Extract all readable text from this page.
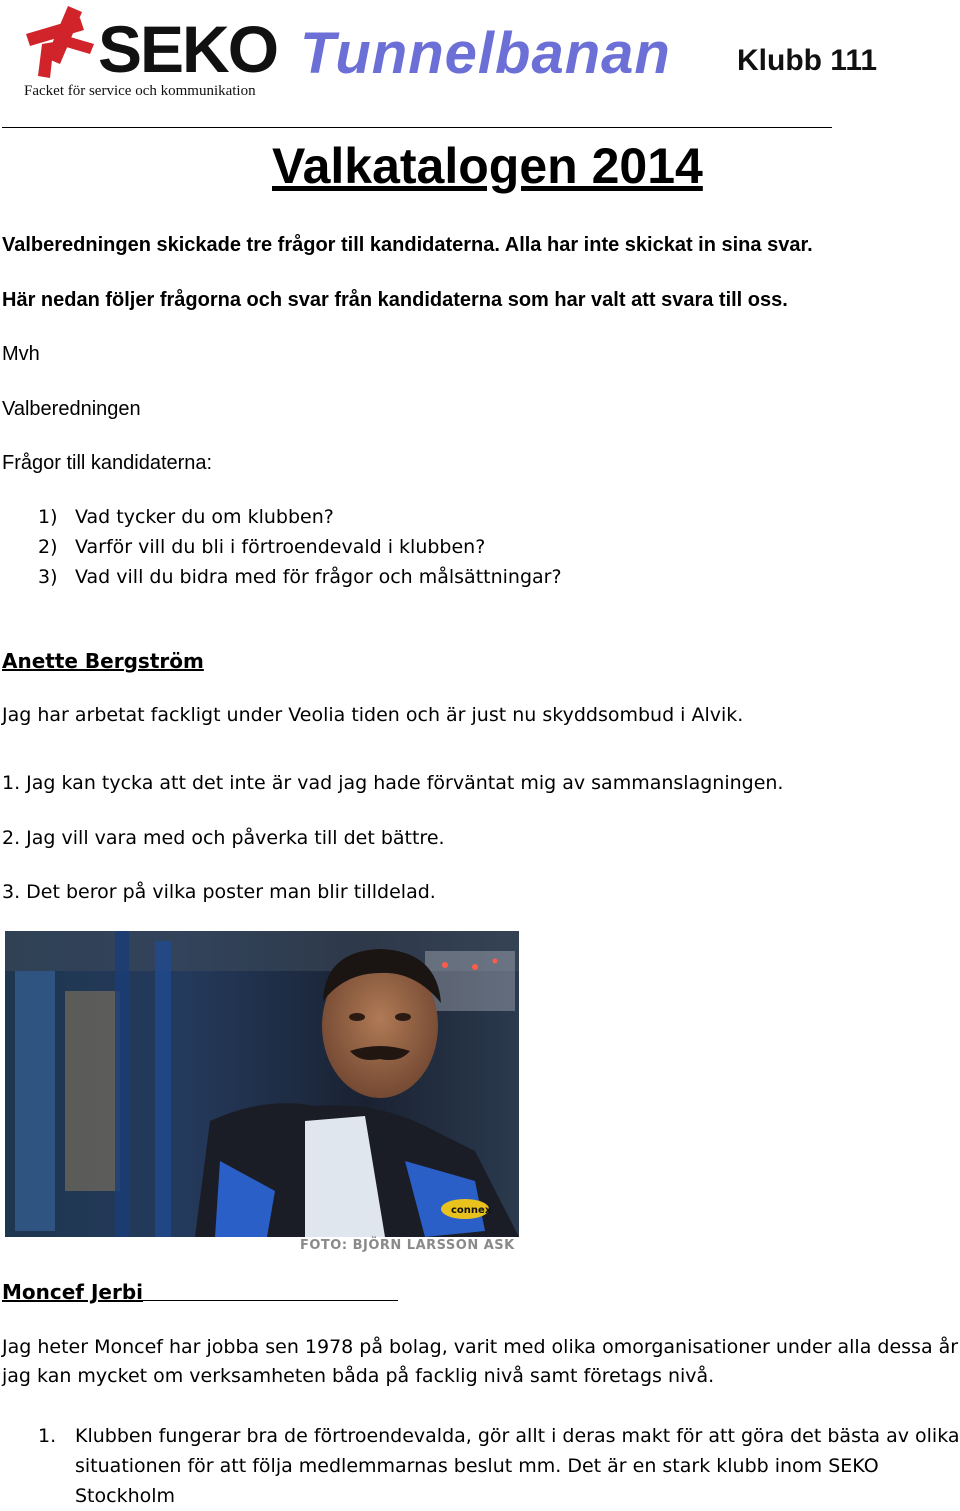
SEKO
Facket för service och kommunikation
Tunnelbanan Klubb 111
Valkatalogen 2014
Valberedningen skickade tre frågor till kandidaterna. Alla har inte skickat in sina svar.
Här nedan följer frågorna och svar från kandidaterna som har valt att svara till oss.
Mvh
Valberedningen
Frågor till kandidaterna:
1) Vad tycker du om klubben?
2) Varför vill du bli i förtroendevald i klubben?
3) Vad vill du bidra med för frågor och målsättningar?
Anette Bergström
Jag har arbetat fackligt under Veolia tiden och är just nu skyddsombud i Alvik.
1. Jag kan tycka att det inte är vad jag hade förväntat mig av sammanslagningen.
2. Jag vill vara med och påverka till det bättre.
3. Det beror på vilka poster man blir tilldelad.
connex
FOTO: BJÖRN LARSSON ASK
Moncef Jerbi
Jag heter Moncef har jobba sen 1978 på bolag, varit med olika omorganisationer under alla dessa år jag kan mycket om verksamheten båda på facklig nivå samt företags nivå.
1. Klubben fungerar bra de förtroendevalda, gör allt i deras makt för att göra det bästa av olika situationen för att följa medlemmarnas beslut mm. Det är en stark klubb inom SEKO Stockholm
